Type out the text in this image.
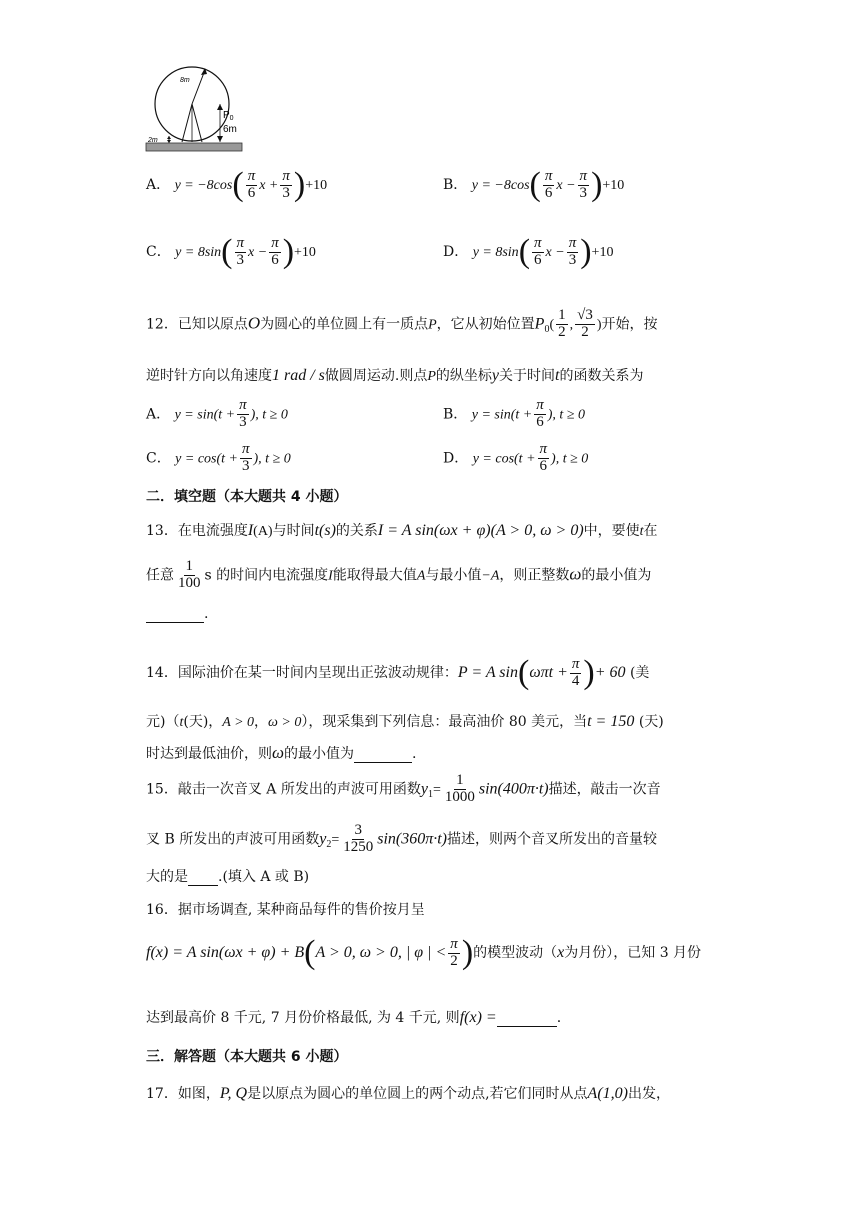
8m
$P_0$
6m
2m
A． $y = -8\cos( \frac{\pi}{6}$ $x + \frac{\pi}{3} )+10$	B． $y = -8\cos( \frac{\pi}{6}$ $x - \frac{\pi}{3} )+10$
C． $y = 8\sin( \frac{\pi}{3}$ $x - \frac{\pi}{6} )+10$	D． $y = 8\sin( \frac{\pi}{6}$ $x - \frac{\pi}{3} )+10$
12．已知以原点O为圆心的单位圆上有一质点P，它从初始位置$P_0( \frac{1}{2}$ , $\frac{√3}{2}$ )开始，按
逆时针方向以角速度1 rad / s做圆周运动.则点P的纵坐标y关于时间t的函数关系为
A． $y = \sin(t + \frac{\pi}{3}$ ), t ≥ 0	B． $y = \sin(t + \frac{\pi}{6}$ ), t ≥ 0
C． $y = \cos(t + \frac{\pi}{3}$ ), t ≥ 0	D． $y = \cos(t + \frac{\pi}{6}$ ), t ≥ 0
二．填空题（本大题共 4 小题）
13．在电流强度I(A)与时间t(s)的关系I = A sin(ωx + φ)(A > 0, ω > 0)中，要使t在
任意 $\frac{1}{100}$ s 的时间内电流强度I能取得最大值A与最小值−A，则正整数ω的最小值为
.
14．国际油价在某一时间内呈现出正弦波动规律：P = A $\sin(\omega\pi t + \frac{\pi}{4}$ )+ 60 (美
元)（t(天)，A > 0，ω > 0），现采集到下列信息：最高油价 80 美元，当t = 150 (天)
时达到最低油价，则ω的最小值为	.
15．敲击一次音叉 A 所发出的声波可用函数$y_1= \frac{1}{1000} \sin(400\pi\cdot t)$描述，敲击一次音
叉 B 所发出的声波可用函数$y_2= \frac{3}{1250} \sin(360\pi\cdot t)$描述，则两个音叉所发出的音量较
大的是 .(填入 A 或 B)
16．据市场调查, 某种商品每件的售价按月呈
f(x) = A sin(ωx + φ) + B(A > 0, ω > 0, | φ | < $\frac{\pi}{2}$ )的模型波动（x为月份），已知 3 月份
达到最高价 8 千元, 7 月份价格最低, 为 4 千元, 则f(x) =	.
三．解答题（本大题共 6 小题）
17．如图，P, Q是以原点为圆心的单位圆上的两个动点,若它们同时从点A(1,0)出发，
